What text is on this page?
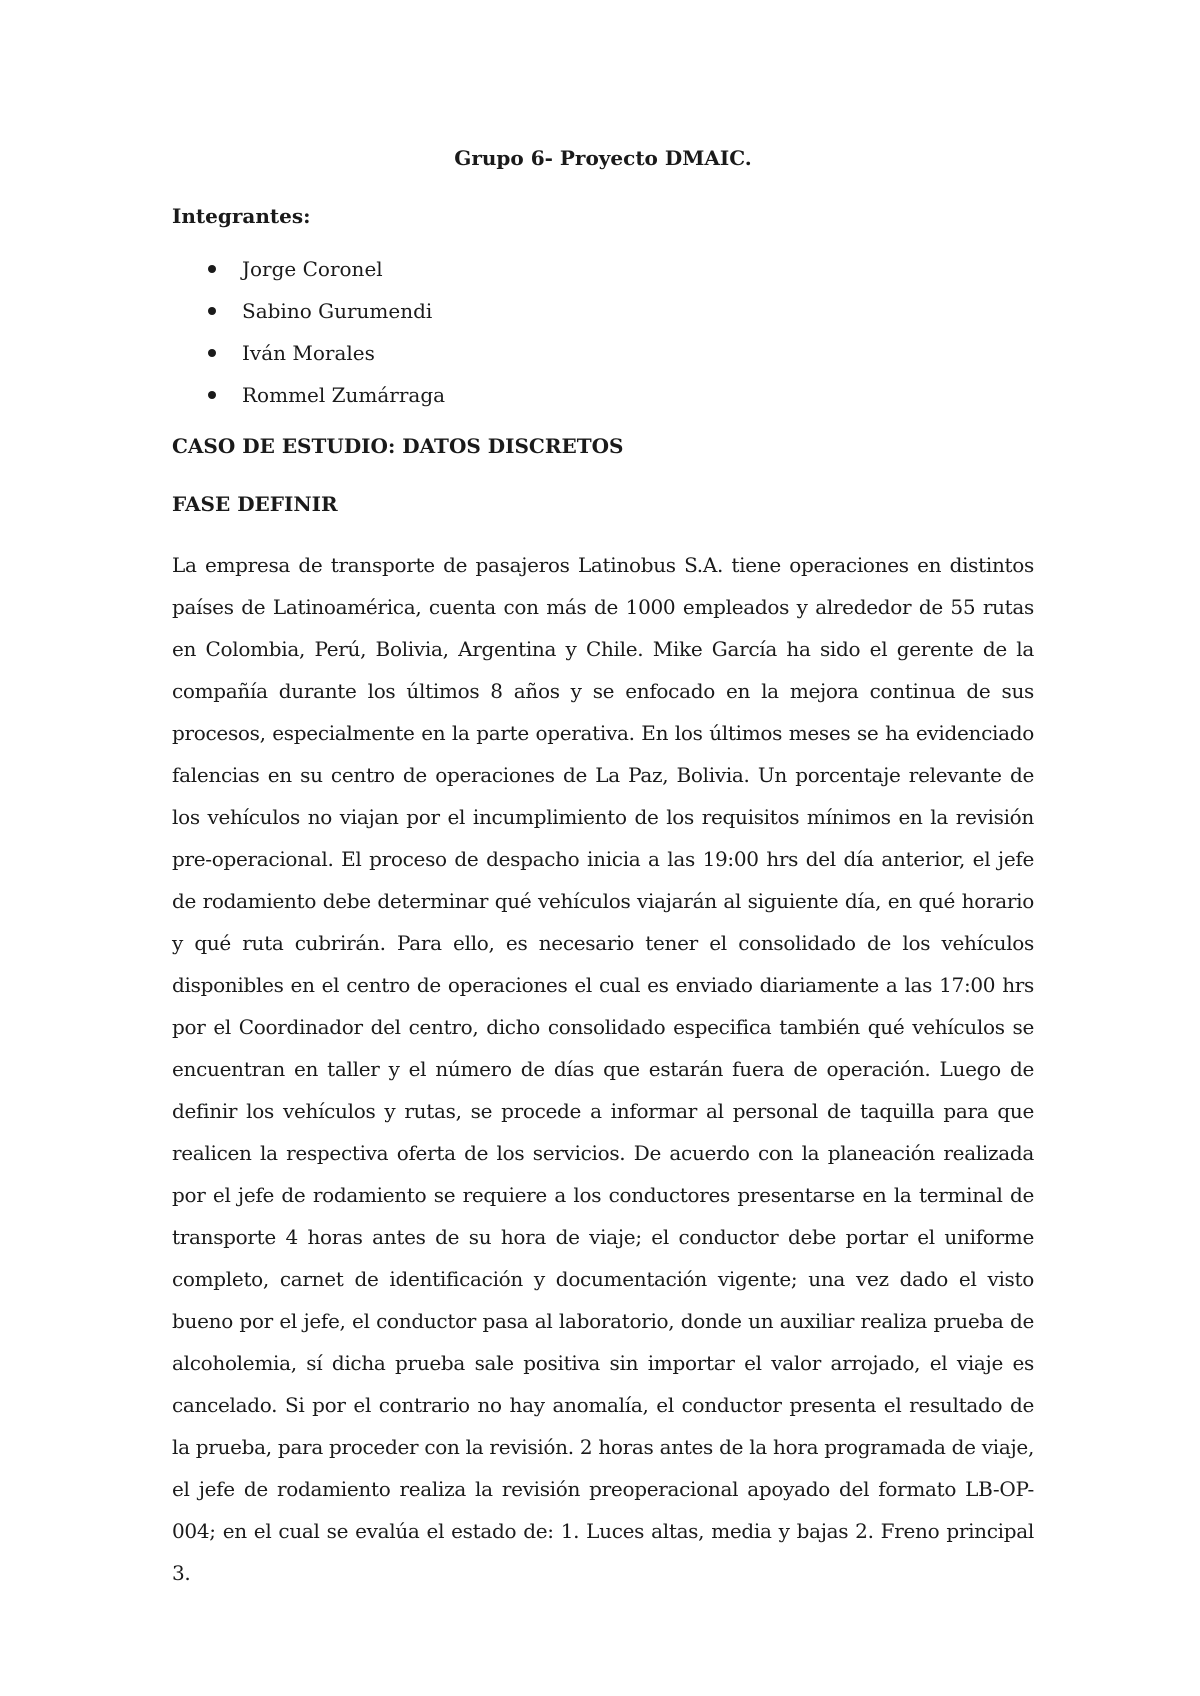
Grupo 6- Proyecto DMAIC.

Integrantes:

Jorge Coronel
Sabino Gurumendi
Iván Morales
Rommel Zumárraga

CASO DE ESTUDIO: DATOS DISCRETOS

FASE DEFINIR

La empresa de transporte de pasajeros Latinobus S.A. tiene operaciones en distintos países de Latinoamérica, cuenta con más de 1000 empleados y alrededor de 55 rutas en Colombia, Perú, Bolivia, Argentina y Chile. Mike García ha sido el gerente de la compañía durante los últimos 8 años y se enfocado en la mejora continua de sus procesos, especialmente en la parte operativa. En los últimos meses se ha evidenciado falencias en su centro de operaciones de La Paz, Bolivia. Un porcentaje relevante de los vehículos no viajan por el incumplimiento de los requisitos mínimos en la revisión pre-operacional. El proceso de despacho inicia a las 19:00 hrs del día anterior, el jefe de rodamiento debe determinar qué vehículos viajarán al siguiente día, en qué horario y qué ruta cubrirán. Para ello, es necesario tener el consolidado de los vehículos disponibles en el centro de operaciones el cual es enviado diariamente a las 17:00 hrs por el Coordinador del centro, dicho consolidado especifica también qué vehículos se encuentran en taller y el número de días que estarán fuera de operación. Luego de definir los vehículos y rutas, se procede a informar al personal de taquilla para que realicen la respectiva oferta de los servicios. De acuerdo con la planeación realizada por el jefe de rodamiento se requiere a los conductores presentarse en la terminal de transporte 4 horas antes de su hora de viaje; el conductor debe portar el uniforme completo, carnet de identificación y documentación vigente; una vez dado el visto bueno por el jefe, el conductor pasa al laboratorio, donde un auxiliar realiza prueba de alcoholemia, sí dicha prueba sale positiva sin importar el valor arrojado, el viaje es cancelado. Si por el contrario no hay anomalía, el conductor presenta el resultado de la prueba, para proceder con la revisión. 2 horas antes de la hora programada de viaje, el jefe de rodamiento realiza la revisión preoperacional apoyado del formato LB-OP-004; en el cual se evalúa el estado de: 1. Luces altas, media y bajas 2. Freno principal 3.
